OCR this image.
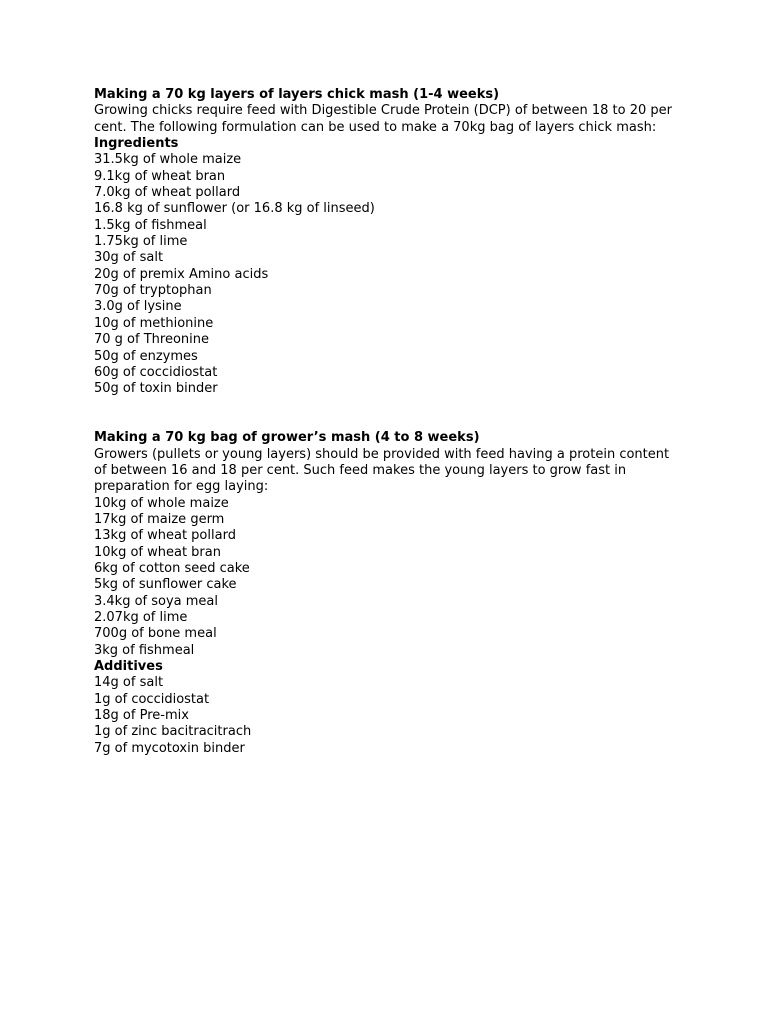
Making a 70 kg layers of layers chick mash (1-4 weeks)

Growing chicks require feed with Digestible Crude Protein (DCP) of between 18 to 20 per cent. The following formulation can be used to make a 70kg bag of layers chick mash:

Ingredients

31.5kg of whole maize

9.1kg of wheat bran

7.0kg of wheat pollard

16.8 kg of sunflower (or 16.8 kg of linseed)

1.5kg of fishmeal

1.75kg of lime

30g of salt

20g of premix Amino acids

70g of tryptophan

3.0g of lysine

10g of methionine

70 g of Threonine

50g of enzymes

60g of coccidiostat

50g of toxin binder

Making a 70 kg bag of grower’s mash (4 to 8 weeks)

Growers (pullets or young layers) should be provided with feed having a protein content of between 16 and 18 per cent. Such feed makes the young layers to grow fast in preparation for egg laying:

10kg of whole maize

17kg of maize germ

13kg of wheat pollard

10kg of wheat bran

6kg of cotton seed cake

5kg of sunflower cake

3.4kg of soya meal

2.07kg of lime

700g of bone meal

3kg of fishmeal

Additives

14g of salt

1g of coccidiostat

18g of Pre-mix

1g of zinc bacitracitrach

7g of mycotoxin binder
